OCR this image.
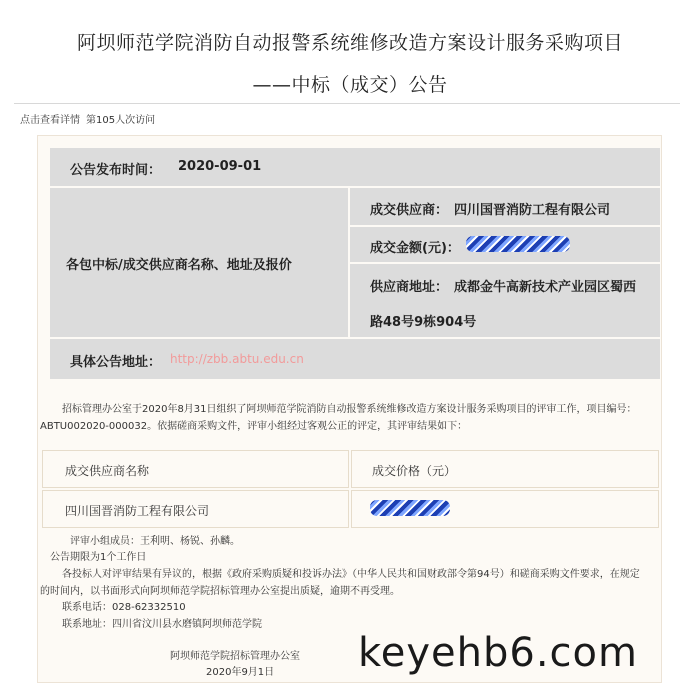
阿坝师范学院消防自动报警系统维修改造方案设计服务采购项目
——中标（成交）公告
点击查看详情 第105人次访问
公告发布时间： 2020-09-01
各包中标/成交供应商名称、地址及报价
成交供应商： 四川国晋消防工程有限公司
成交金额(元)：
供应商地址： 成都金牛高新技术产业园区蜀西
路48号9栋904号
具体公告地址： http://zbb.abtu.edu.cn
招标管理办公室于2020年8月31日组织了阿坝师范学院消防自动报警系统维修改造方案设计服务采购项目的评审工作，项目编号：
ABTU002020-000032。依据磋商采购文件，评审小组经过客观公正的评定，其评审结果如下：
成交供应商名称	成交价格（元）
四川国晋消防工程有限公司
评审小组成员：王利明、杨锐、孙麟。
公告期限为1个工作日
各投标人对评审结果有异议的，根据《政府采购质疑和投诉办法》（中华人民共和国财政部令第94号）和磋商采购文件要求，在规定
的时间内，以书面形式向阿坝师范学院招标管理办公室提出质疑，逾期不再受理。
联系电话：028-62332510
联系地址：四川省汶川县水磨镇阿坝师范学院
阿坝师范学院招标管理办公室
2020年9月1日 keyehb6.com
